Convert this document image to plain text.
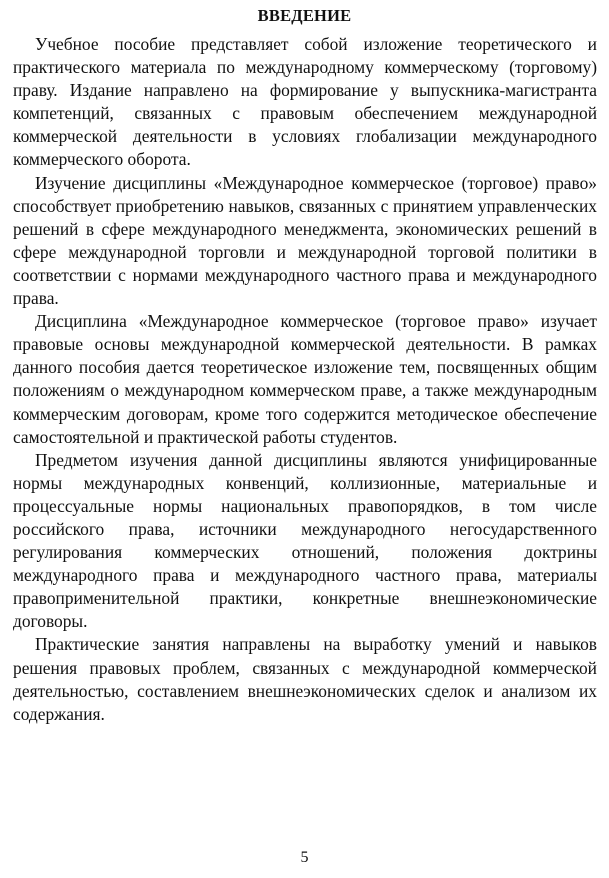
ВВЕДЕНИЕ

Учебное пособие представляет собой изложение теоретического и практического материала по международному коммерческому (торговому) праву. Издание направлено на формирование у выпускника-магистранта компетенций, связанных с правовым обеспечением международной коммерческой деятельности в условиях глобализации международного коммерческого оборота.

Изучение дисциплины «Международное коммерческое (торговое) право» способствует приобретению навыков, связанных с принятием управленческих решений в сфере международного менеджмента, экономических решений в сфере международной торговли и международной торговой политики в соответствии с нормами международного частного права и международного права.

Дисциплина «Международное коммерческое (торговое право» изучает правовые основы международной коммерческой деятельности. В рамках данного пособия дается теоретическое изложение тем, посвященных общим положениям о международном коммерческом праве, а также международным коммерческим договорам, кроме того содержится методическое обеспечение самостоятельной и практической работы студентов.

Предметом изучения данной дисциплины являются унифицированные нормы международных конвенций, коллизионные, материальные и процессуальные нормы национальных правопорядков, в том числе российского права, источники международного негосударственного регулирования коммерческих отношений, положения доктрины международного права и международного частного права, материалы правоприменительной практики, конкретные внешнеэкономические договоры.

Практические занятия направлены на выработку умений и навыков решения правовых проблем, связанных с международной коммерческой деятельностью, составлением внешнеэкономических сделок и анализом их содержания.

5
